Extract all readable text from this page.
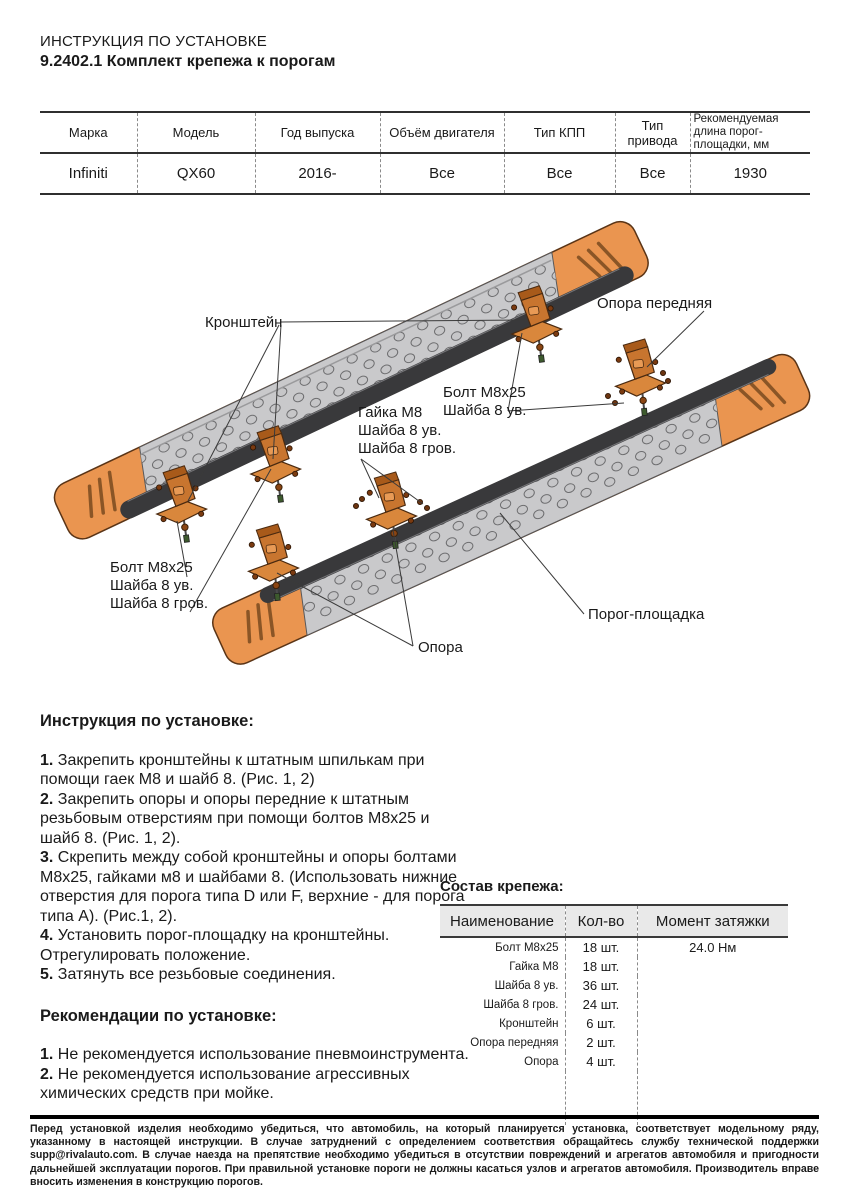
ИНСТРУКЦИЯ ПО УСТАНОВКЕ
9.2402.1 Комплект крепежа к порогам
Марка	Модель	Год выпуска	Объём двигателя	Тип КПП	Тип привода	Рекомендуемая длина порог-площадки, мм
Infiniti	QX60	2016-	Все	Все	Все	1930
Кронштейн
Опора передняя
Болт М8х25
Шайба 8 ув.
Гайка М8
Шайба 8 ув.
Шайба 8 гров.
Болт М8х25
Шайба 8 ув.
Шайба 8 гров.
Опора
Порог-площадка
Инструкция по установке:

1. Закрепить кронштейны к штатным шпилькам при помощи гаек М8 и шайб 8. (Рис. 1, 2)

2. Закрепить опоры и опоры передние к штатным резьбовым отверстиям при помощи болтов М8х25 и шайб 8. (Рис. 1, 2).

3. Скрепить между собой кронштейны и опоры болтами М8х25, гайками м8 и шайбами 8. (Использовать нижние отверстия для порога типа D или F, верхние - для порога типа А). (Рис.1, 2).

4. Установить порог-площадку на кронштейны. Отрегулировать положение.

5. Затянуть все резьбовые соединения.

Рекомендации по установке:

1. Не рекомендуется использование пневмоинструмента.

2. Не рекомендуется использование агрессивных химических средств при мойке.

Состав крепежа:
Наименование	Кол-во	Момент затяжки
Болт М8х25	18 шт.	24.0 Нм
Гайка М8	18 шт.	
Шайба 8 ув.	36 шт.	
Шайба 8 гров.	24 шт.	
Кронштейн	6 шт.	
Опора передняя	2 шт.	
Опора	4 шт.	

Перед установкой изделия необходимо убедиться, что автомобиль, на который планируется установка, соответствует модельному ряду, указанному в настоящей инструкции. В случае затруднений с определением соответствия обращайтесь службу технической поддержки supp@rivalauto.com. В случае наезда на препятствие необходимо убедиться в отсутствии повреждений и агрегатов автомобиля и пригодности дальнейшей эксплуатации порогов. При правильной установке пороги не должны касаться узлов и агрегатов автомобиля. Производитель вправе вносить изменения в конструкцию порогов.
